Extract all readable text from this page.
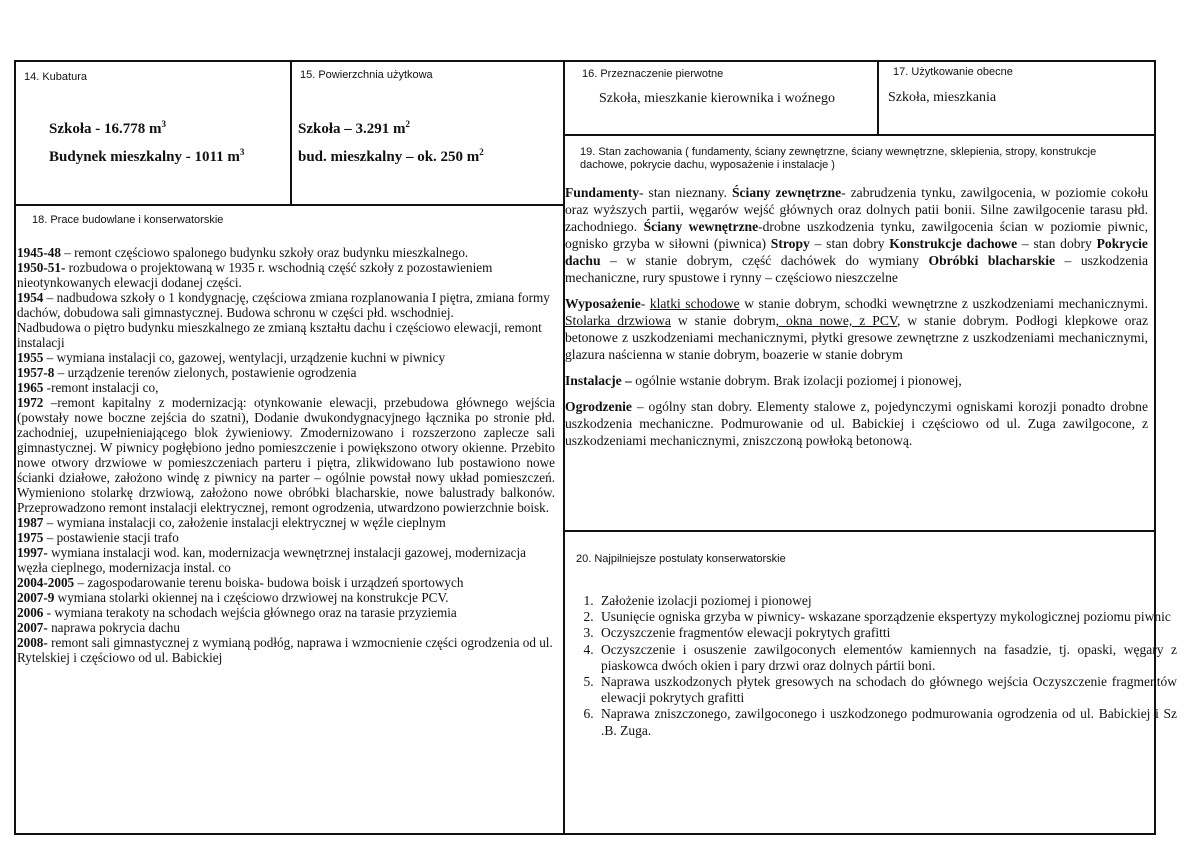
14. Kubatura
Szkoła - 16.778 $m^3$
Budynek mieszkalny - 1011 $m^3$
15. Powierzchnia użytkowa
Szkoła – 3.291 $m^2$
bud. mieszkalny – ok. 250 $m^2$
16. Przeznaczenie pierwotne
Szkoła, mieszkanie kierownika i woźnego
17. Użytkowanie obecne
Szkoła, mieszkania
18. Prace budowlane i konserwatorskie

1945-48 – remont częściowo spalonego budynku szkoły oraz budynku mieszkalnego.

1950-51- rozbudowa o projektowaną w 1935 r. wschodnią część szkoły z pozostawieniem nieotynkowanych elewacji dodanej części.

1954 – nadbudowa szkoły o 1 kondygnację, częściowa zmiana rozplanowania I piętra, zmiana formy dachów, dobudowa sali gimnastycznej. Budowa schronu w części płd. wschodniej.

Nadbudowa o piętro budynku mieszkalnego ze zmianą kształtu dachu i częściowo elewacji, remont instalacji

1955 – wymiana instalacji co, gazowej, wentylacji, urządzenie kuchni w piwnicy

1957-8 – urządzenie terenów zielonych, postawienie ogrodzenia

1965 -remont instalacji co,

1972 –remont kapitalny z modernizacją: otynkowanie elewacji, przebudowa głównego wejścia (powstały nowe boczne zejścia do szatni), Dodanie dwukondygnacyjnego łącznika po stronie płd. zachodniej, uzupełnieniającego blok żywieniowy. Zmodernizowano i rozszerzono zaplecze sali gimnastycznej. W piwnicy pogłębiono jedno pomieszczenie i powiększono otwory okienne. Przebito nowe otwory drzwiowe w pomieszczeniach parteru i piętra, zlikwidowano lub postawiono nowe ścianki działowe, założono windę z piwnicy na parter – ogólnie powstał nowy układ pomieszczeń. Wymieniono stolarkę drzwiową, założono nowe obróbki blacharskie, nowe balustrady balkonów. Przeprowadzono remont instalacji elektrycznej, remont ogrodzenia, utwardzono powierzchnie boisk.

1987 – wymiana instalacji co, założenie instalacji elektrycznej w węźle cieplnym

1975 – postawienie stacji trafo

1997- wymiana instalacji wod. kan, modernizacja wewnętrznej instalacji gazowej, modernizacja węzła cieplnego, modernizacja instal. co

2004-2005 – zagospodarowanie terenu boiska- budowa boisk i urządzeń sportowych

2007-9 wymiana stolarki okiennej na i częściowo drzwiowej na konstrukcje PCV.

2006 - wymiana terakoty na schodach wejścia głównego oraz na tarasie przyziemia

2007- naprawa pokrycia dachu

2008- remont sali gimnastycznej z wymianą podłóg, naprawa i wzmocnienie części ogrodzenia od ul. Rytelskiej i częściowo od ul. Babickiej

19. Stan zachowania ( fundamenty, ściany zewnętrzne, ściany wewnętrzne, sklepienia, stropy, konstrukcje dachowe, pokrycie dachu, wyposażenie i instalacje )

Fundamenty- stan nieznany. Ściany zewnętrzne- zabrudzenia tynku, zawilgocenia, w poziomie cokołu oraz wyższych partii, węgarów wejść głównych oraz dolnych patii bonii. Silne zawilgocenie tarasu płd. zachodniego. Ściany wewnętrzne-drobne uszkodzenia tynku, zawilgocenia ścian w poziomie piwnic, ognisko grzyba w siłowni (piwnica) Stropy – stan dobry Konstrukcje dachowe – stan dobry Pokrycie dachu – w stanie dobrym, część dachówek do wymiany Obróbki blacharskie – uszkodzenia mechaniczne, rury spustowe i rynny – częściowo nieszczelne

Wyposażenie- klatki schodowe w stanie dobrym, schodki wewnętrzne z uszkodzeniami mechanicznymi. Stolarka drzwiowa w stanie dobrym, okna nowe, z PCV, w stanie dobrym. Podłogi klepkowe oraz betonowe z uszkodzeniami mechanicznymi, płytki gresowe zewnętrzne z uszkodzeniami mechanicznymi, glazura naścienna w stanie dobrym, boazerie w stanie dobrym

Instalacje – ogólnie wstanie dobrym. Brak izolacji poziomej i pionowej,

Ogrodzenie – ogólny stan dobry. Elementy stalowe z, pojedynczymi ogniskami korozji ponadto drobne uszkodzenia mechaniczne. Podmurowanie od ul. Babickiej i częściowo od ul. Zuga zawilgocone, z uszkodzeniami mechanicznymi, zniszczoną powłoką betonową.

20. Najpilniejsze postulaty konserwatorskie
1. Założenie izolacji poziomej i pionowej
2. Usunięcie ogniska grzyba w piwnicy- wskazane sporządzenie ekspertyzy mykologicznej poziomu piwnic
3. Oczyszczenie fragmentów elewacji pokrytych grafitti
4. Oczyszczenie i osuszenie zawilgoconych elementów kamiennych na fasadzie, tj. opaski, węgary z piaskowca dwóch okien i pary drzwi oraz dolnych pártii boni.
5. Naprawa uszkodzonych płytek gresowych na schodach do głównego wejścia Oczyszczenie fragmentów elewacji pokrytych grafitti
6. Naprawa zniszczonego, zawilgoconego i uszkodzonego podmurowania ogrodzenia od ul. Babickiej i Sz .B. Zuga.
